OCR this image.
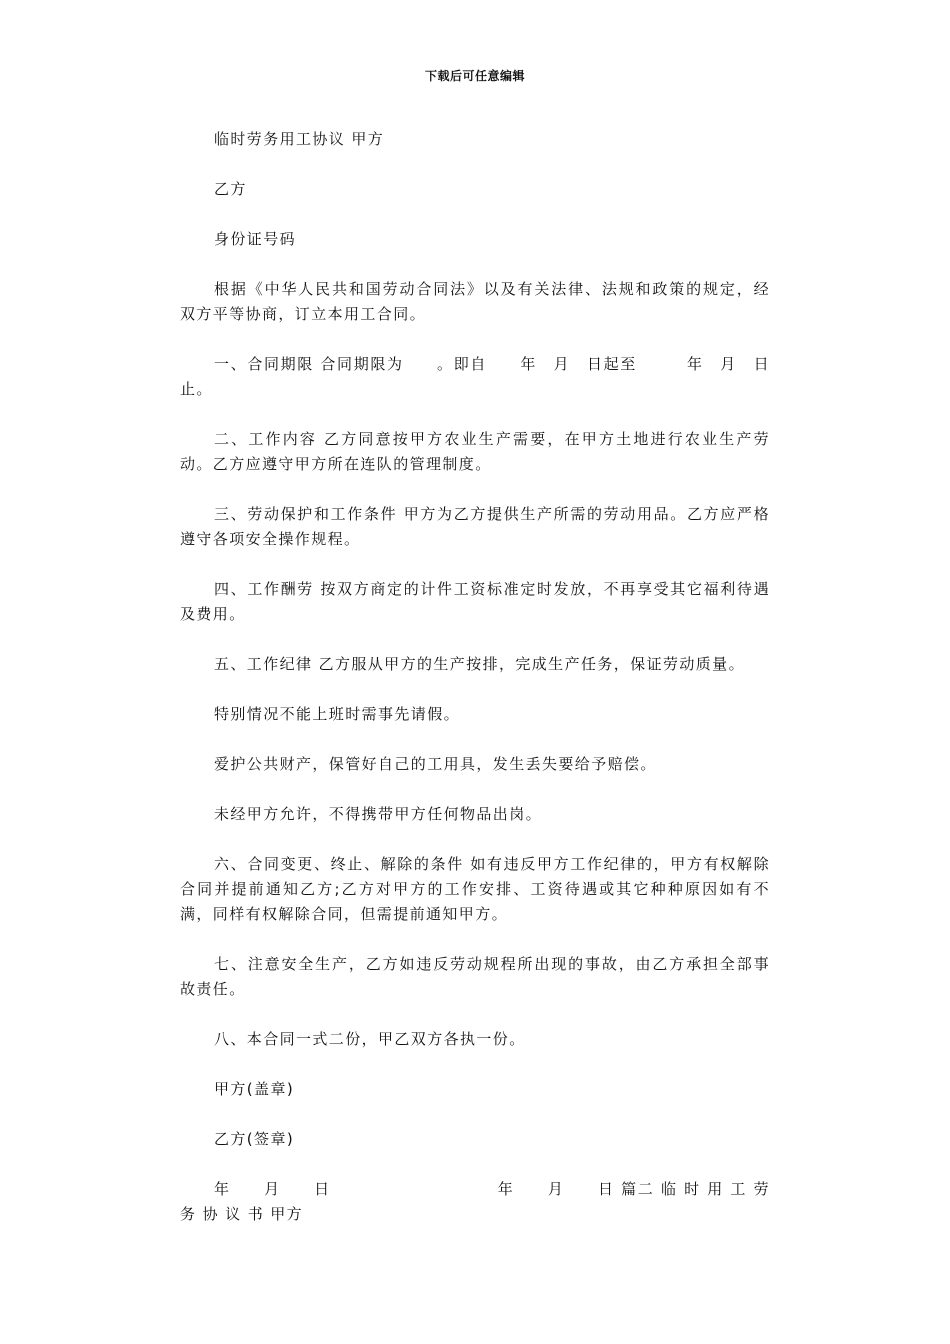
下载后可任意编辑

临时劳务用工协议 甲方

乙方

身份证号码

根据《中华人民共和国劳动合同法》以及有关法律、法规和政策的规定，经双方平等协商，订立本用工合同。

一、合同期限 合同期限为　　。即自　　年　月　日起至　　　年　月　日止。

二、工作内容 乙方同意按甲方农业生产需要，在甲方土地进行农业生产劳动。乙方应遵守甲方所在连队的管理制度。

三、劳动保护和工作条件 甲方为乙方提供生产所需的劳动用品。乙方应严格遵守各项安全操作规程。

四、工作酬劳 按双方商定的计件工资标准定时发放，不再享受其它福利待遇及费用。

五、工作纪律 乙方服从甲方的生产按排，完成生产任务，保证劳动质量。

特别情况不能上班时需事先请假。

爱护公共财产，保管好自己的工用具，发生丢失要给予赔偿。

未经甲方允许，不得携带甲方任何物品出岗。

六、合同变更、终止、解除的条件 如有违反甲方工作纪律的，甲方有权解除合同并提前通知乙方;乙方对甲方的工作安排、工资待遇或其它种种原因如有不满，同样有权解除合同，但需提前通知甲方。

七、注意安全生产，乙方如违反劳动规程所出现的事故，由乙方承担全部事故责任。

八、本合同一式二份，甲乙双方各执一份。

甲方(盖章)

乙方(签章)

年　　月　　日　　　　　　　　　　年　　月　　日 篇二 临 时 用 工 劳 务 协 议 书 甲方
